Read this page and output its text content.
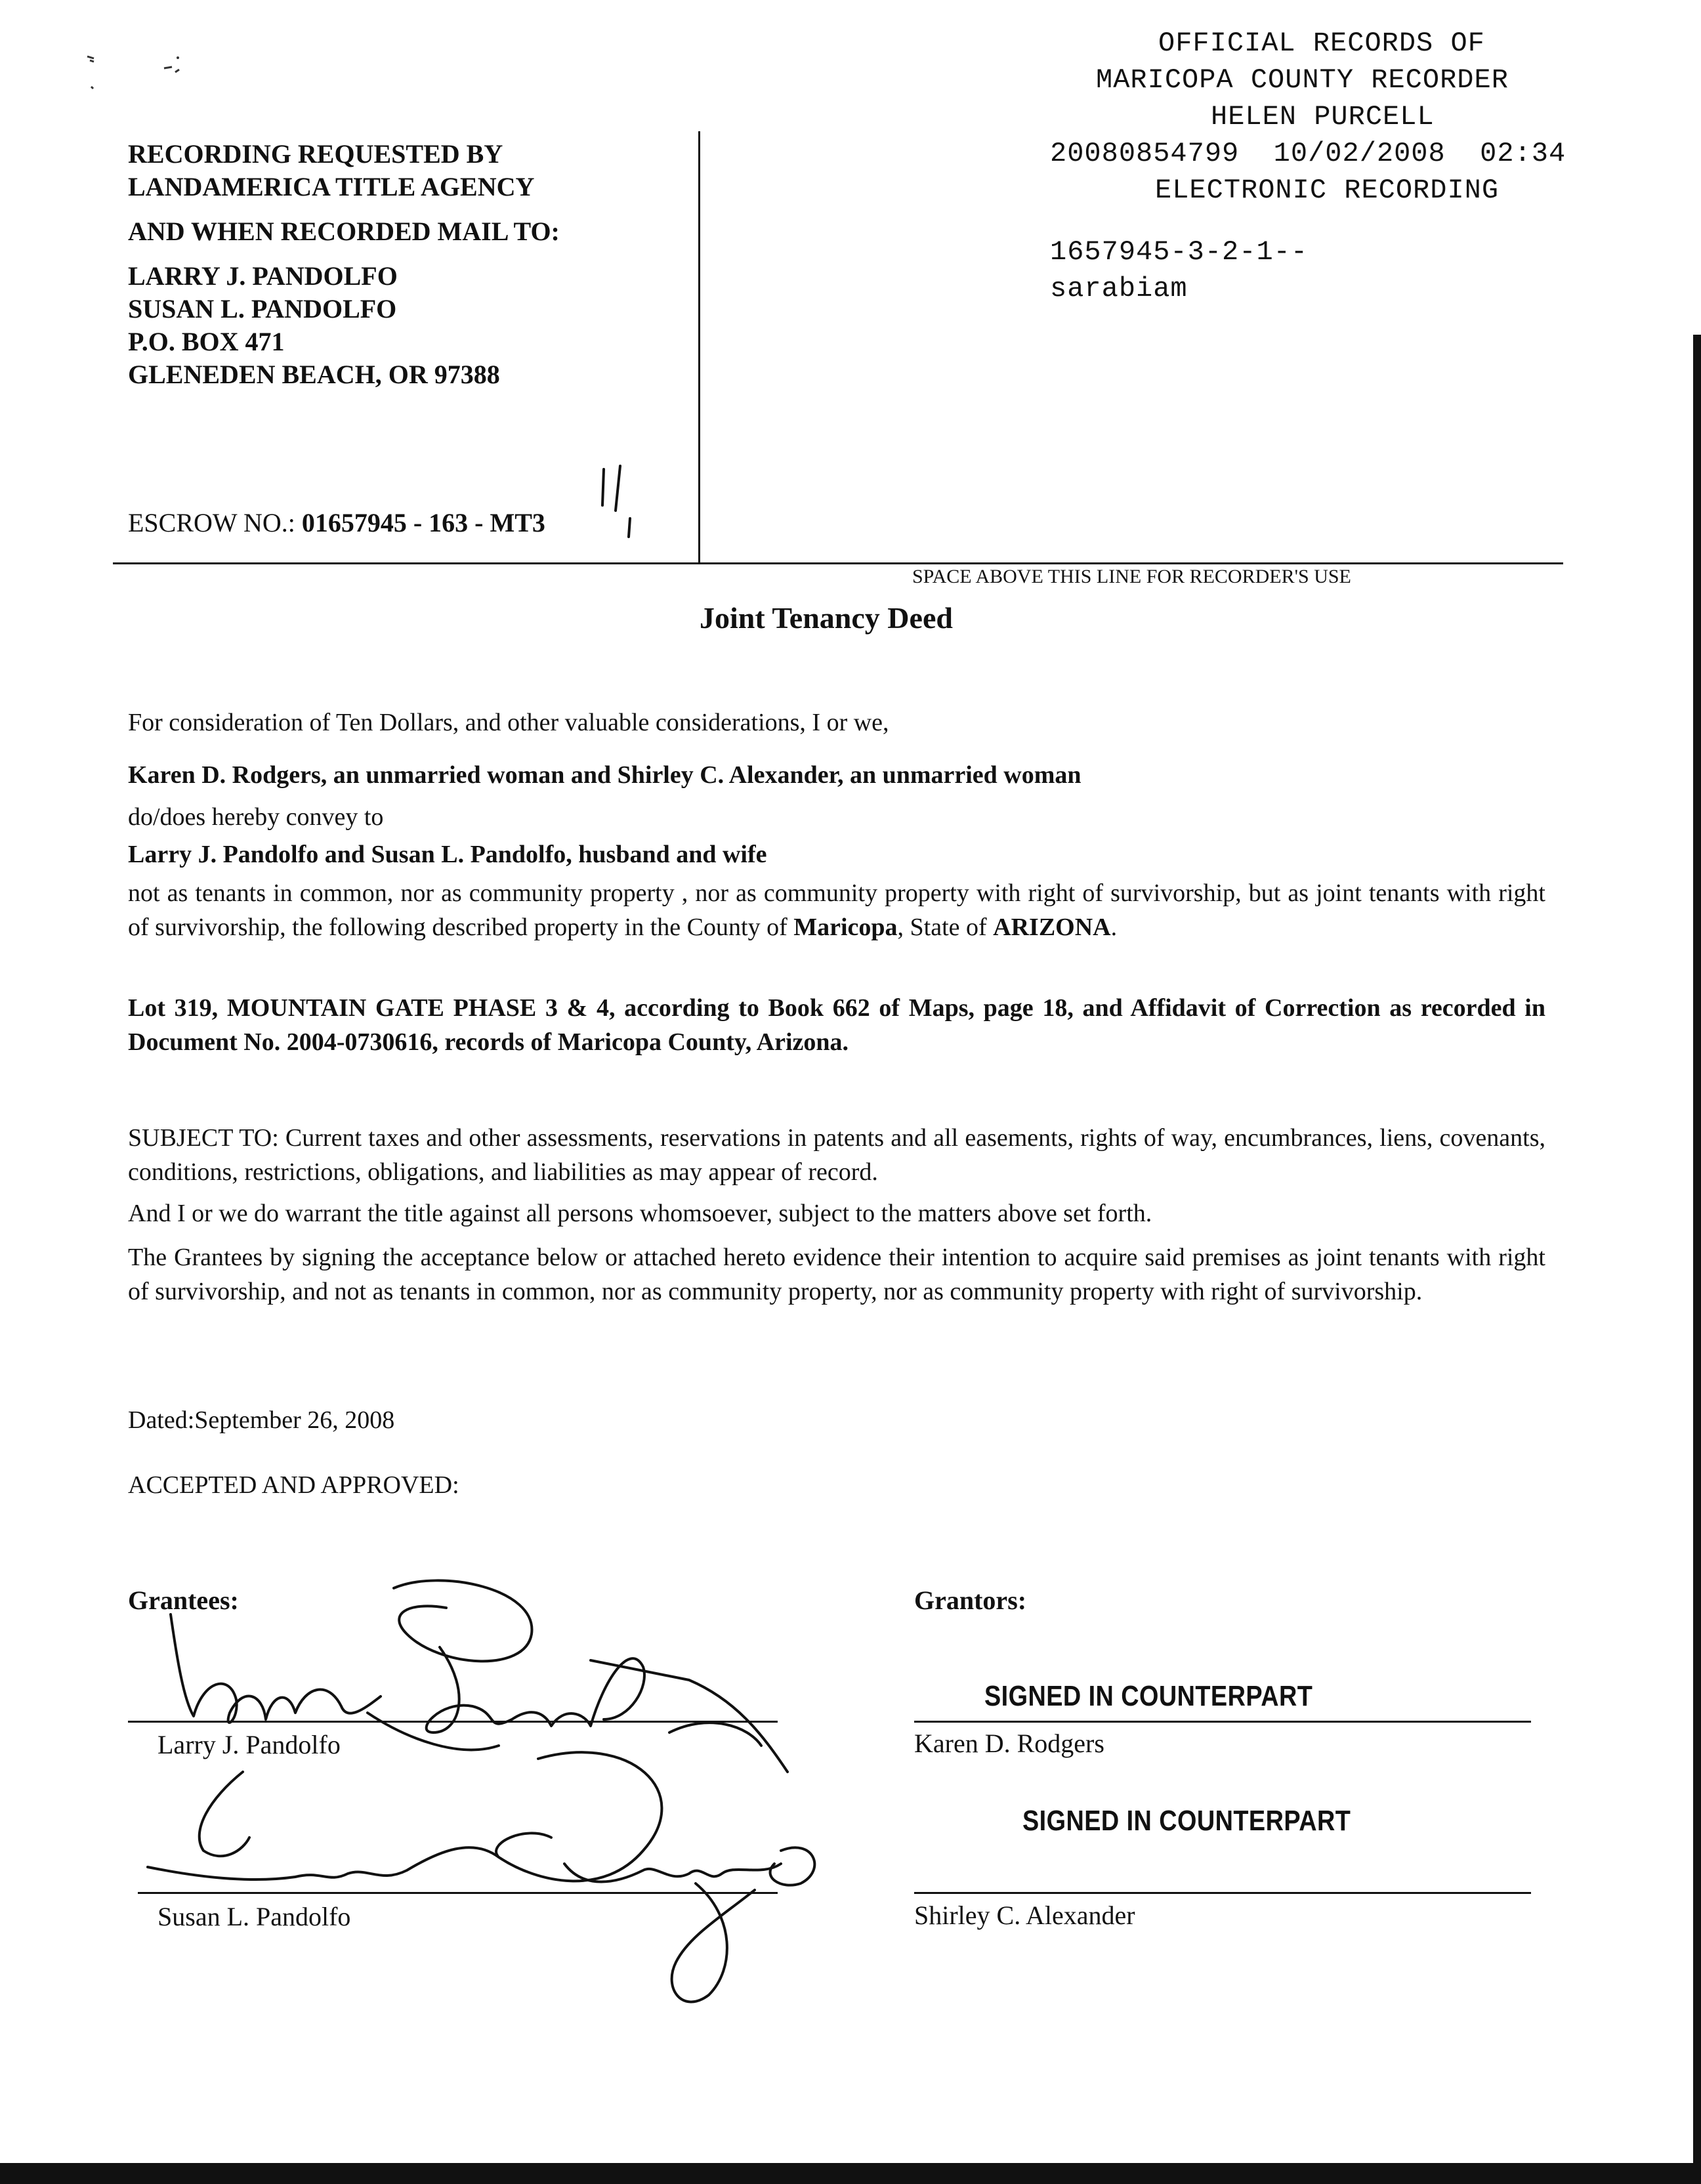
OFFICIAL RECORDS OF
MARICOPA COUNTY RECORDER
HELEN PURCELL
20080854799 10/02/2008 02:34
ELECTRONIC RECORDING
1657945-3-2-1--
sarabiam
RECORDING REQUESTED BY
LANDAMERICA TITLE AGENCY
AND WHEN RECORDED MAIL TO:
LARRY J. PANDOLFO
SUSAN L. PANDOLFO
P.O. BOX 471
GLENEDEN BEACH, OR 97388
ESCROW NO.: 01657945 - 163 - MT3
SPACE ABOVE THIS LINE FOR RECORDER'S USE
Joint Tenancy Deed
For consideration of Ten Dollars, and other valuable considerations, I or we,
Karen D. Rodgers, an unmarried woman and Shirley C. Alexander, an unmarried woman
do/does hereby convey to
Larry J. Pandolfo and Susan L. Pandolfo, husband and wife
not as tenants in common, nor as community property , nor as community property with right of survivorship, but as joint tenants with right of survivorship, the following described property in the County of Maricopa, State of ARIZONA.
Lot 319, MOUNTAIN GATE PHASE 3 & 4, according to Book 662 of Maps, page 18, and Affidavit of Correction as recorded in Document No. 2004-0730616, records of Maricopa County, Arizona.
SUBJECT TO: Current taxes and other assessments, reservations in patents and all easements, rights of way, encumbrances, liens, covenants, conditions, restrictions, obligations, and liabilities as may appear of record.
And I or we do warrant the title against all persons whomsoever, subject to the matters above set forth.
The Grantees by signing the acceptance below or attached hereto evidence their intention to acquire said premises as joint tenants with right of survivorship, and not as tenants in common, nor as community property, nor as community property with right of survivorship.
Dated:September 26, 2008
ACCEPTED AND APPROVED:
Grantees:
Larry J. Pandolfo
Susan L. Pandolfo
Grantors:
SIGNED IN COUNTERPART
Karen D. Rodgers
SIGNED IN COUNTERPART
Shirley C. Alexander
